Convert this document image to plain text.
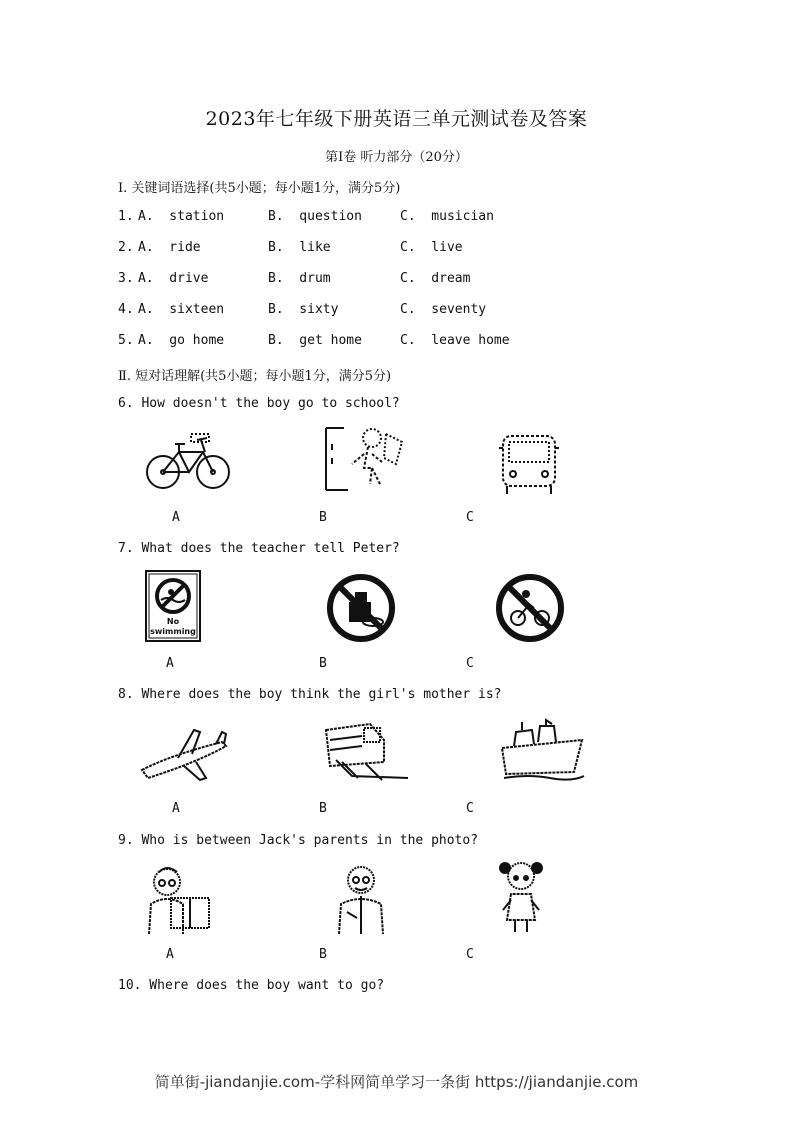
2023年七年级下册英语三单元测试卷及答案
第Ⅰ卷 听力部分（20分）
Ⅰ. 关键词语选择(共5小题；每小题1分，满分5分)
1. A.  station	B.  question	C.  musician
2. A.  ride	B.  like	C.  live
3. A.  drive	B.  drum	C.  dream
4. A.  sixteen	B.  sixty	C.  seventy
5. A.  go home	B.  get home	C.  leave home
Ⅱ. 短对话理解(共5小题；每小题1分，满分5分)
6. How doesn't the boy go to school?
A	B	C
7. What does the teacher tell Peter?
No
swimming
A	B	C
8. Where does the boy think the girl's mother is?
A	B	C
9. Who is between Jack's parents in the photo?
A	B	C
10. Where does the boy want to go?
简单街-jiandanjie.com-学科网简单学习一条街 https://jiandanjie.com
